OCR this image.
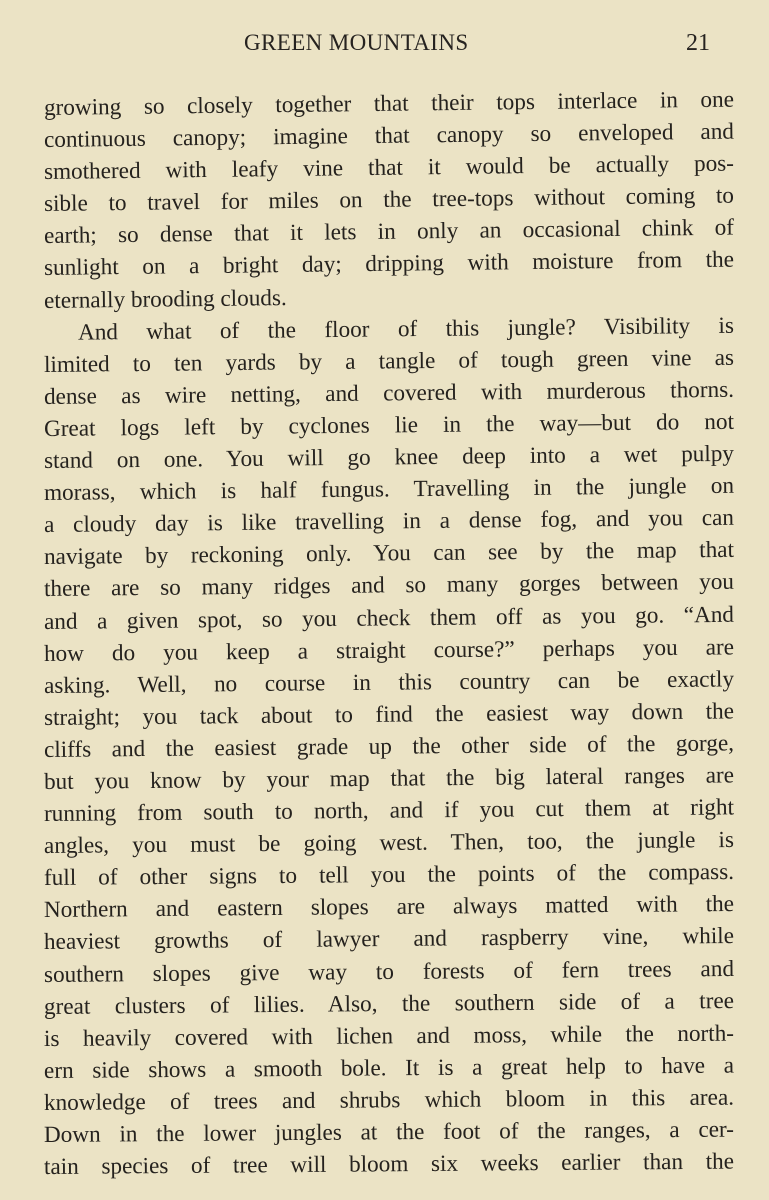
GREEN MOUNTAINS	21
growing so closely together that their tops interlace in one
continuous canopy; imagine that canopy so enveloped and
smothered with leafy vine that it would be actually pos-
sible to travel for miles on the tree-tops without coming to
earth; so dense that it lets in only an occasional chink of
sunlight on a bright day; dripping with moisture from the
eternally brooding clouds.
And what of the floor of this jungle? Visibility is
limited to ten yards by a tangle of tough green vine as
dense as wire netting, and covered with murderous thorns.
Great logs left by cyclones lie in the way—but do not
stand on one. You will go knee deep into a wet pulpy
morass, which is half fungus. Travelling in the jungle on
a cloudy day is like travelling in a dense fog, and you can
navigate by reckoning only. You can see by the map that
there are so many ridges and so many gorges between you
and a given spot, so you check them off as you go. “And
how do you keep a straight course?” perhaps you are
asking. Well, no course in this country can be exactly
straight; you tack about to find the easiest way down the
cliffs and the easiest grade up the other side of the gorge,
but you know by your map that the big lateral ranges are
running from south to north, and if you cut them at right
angles, you must be going west. Then, too, the jungle is
full of other signs to tell you the points of the compass.
Northern and eastern slopes are always matted with the
heaviest growths of lawyer and raspberry vine, while
southern slopes give way to forests of fern trees and
great clusters of lilies. Also, the southern side of a tree
is heavily covered with lichen and moss, while the north-
ern side shows a smooth bole. It is a great help to have a
knowledge of trees and shrubs which bloom in this area.
Down in the lower jungles at the foot of the ranges, a cer-
tain species of tree will bloom six weeks earlier than the
